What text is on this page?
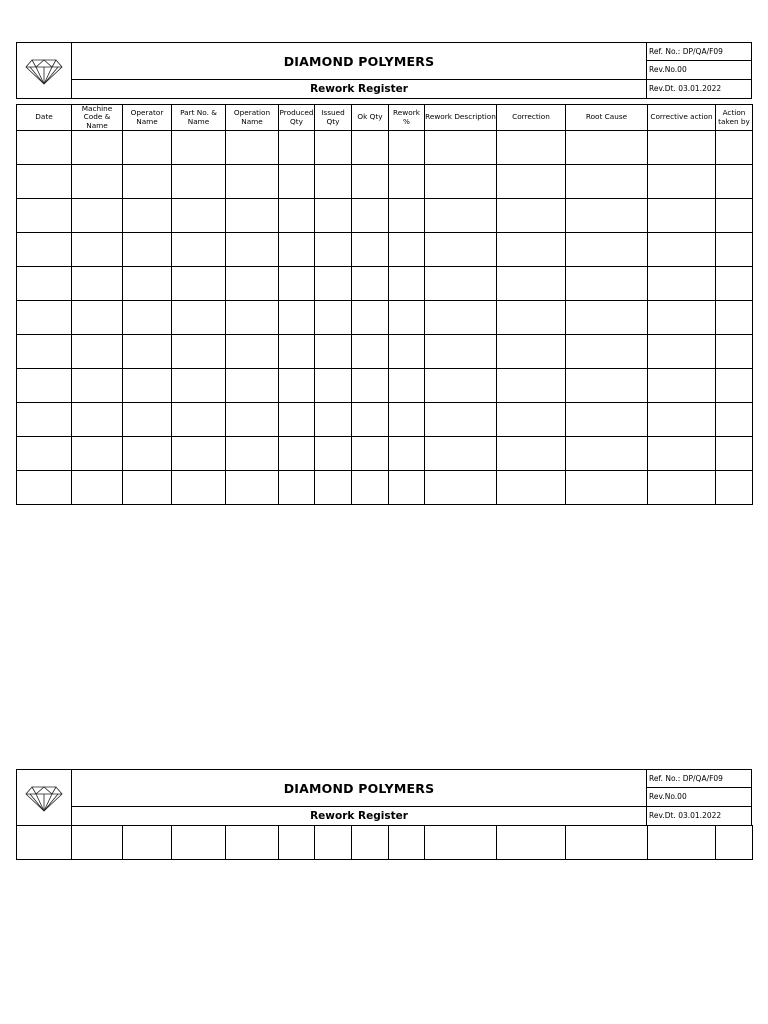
DIAMOND POLYMERS
Rework Register
Ref. No.: DP/QA/F09
Rev.No.00
Rev.Dt. 03.01.2022
Date	Machine Code & Name	Operator Name	Part No. & Name	Operation Name	Produced Qty	Issued Qty	Ok Qty	Rework %	Rework Description	Correction	Root Cause	Corrective action	Action taken by

DIAMOND POLYMERS
Rework Register
Ref. No.: DP/QA/F09
Rev.No.00
Rev.Dt. 03.01.2022
